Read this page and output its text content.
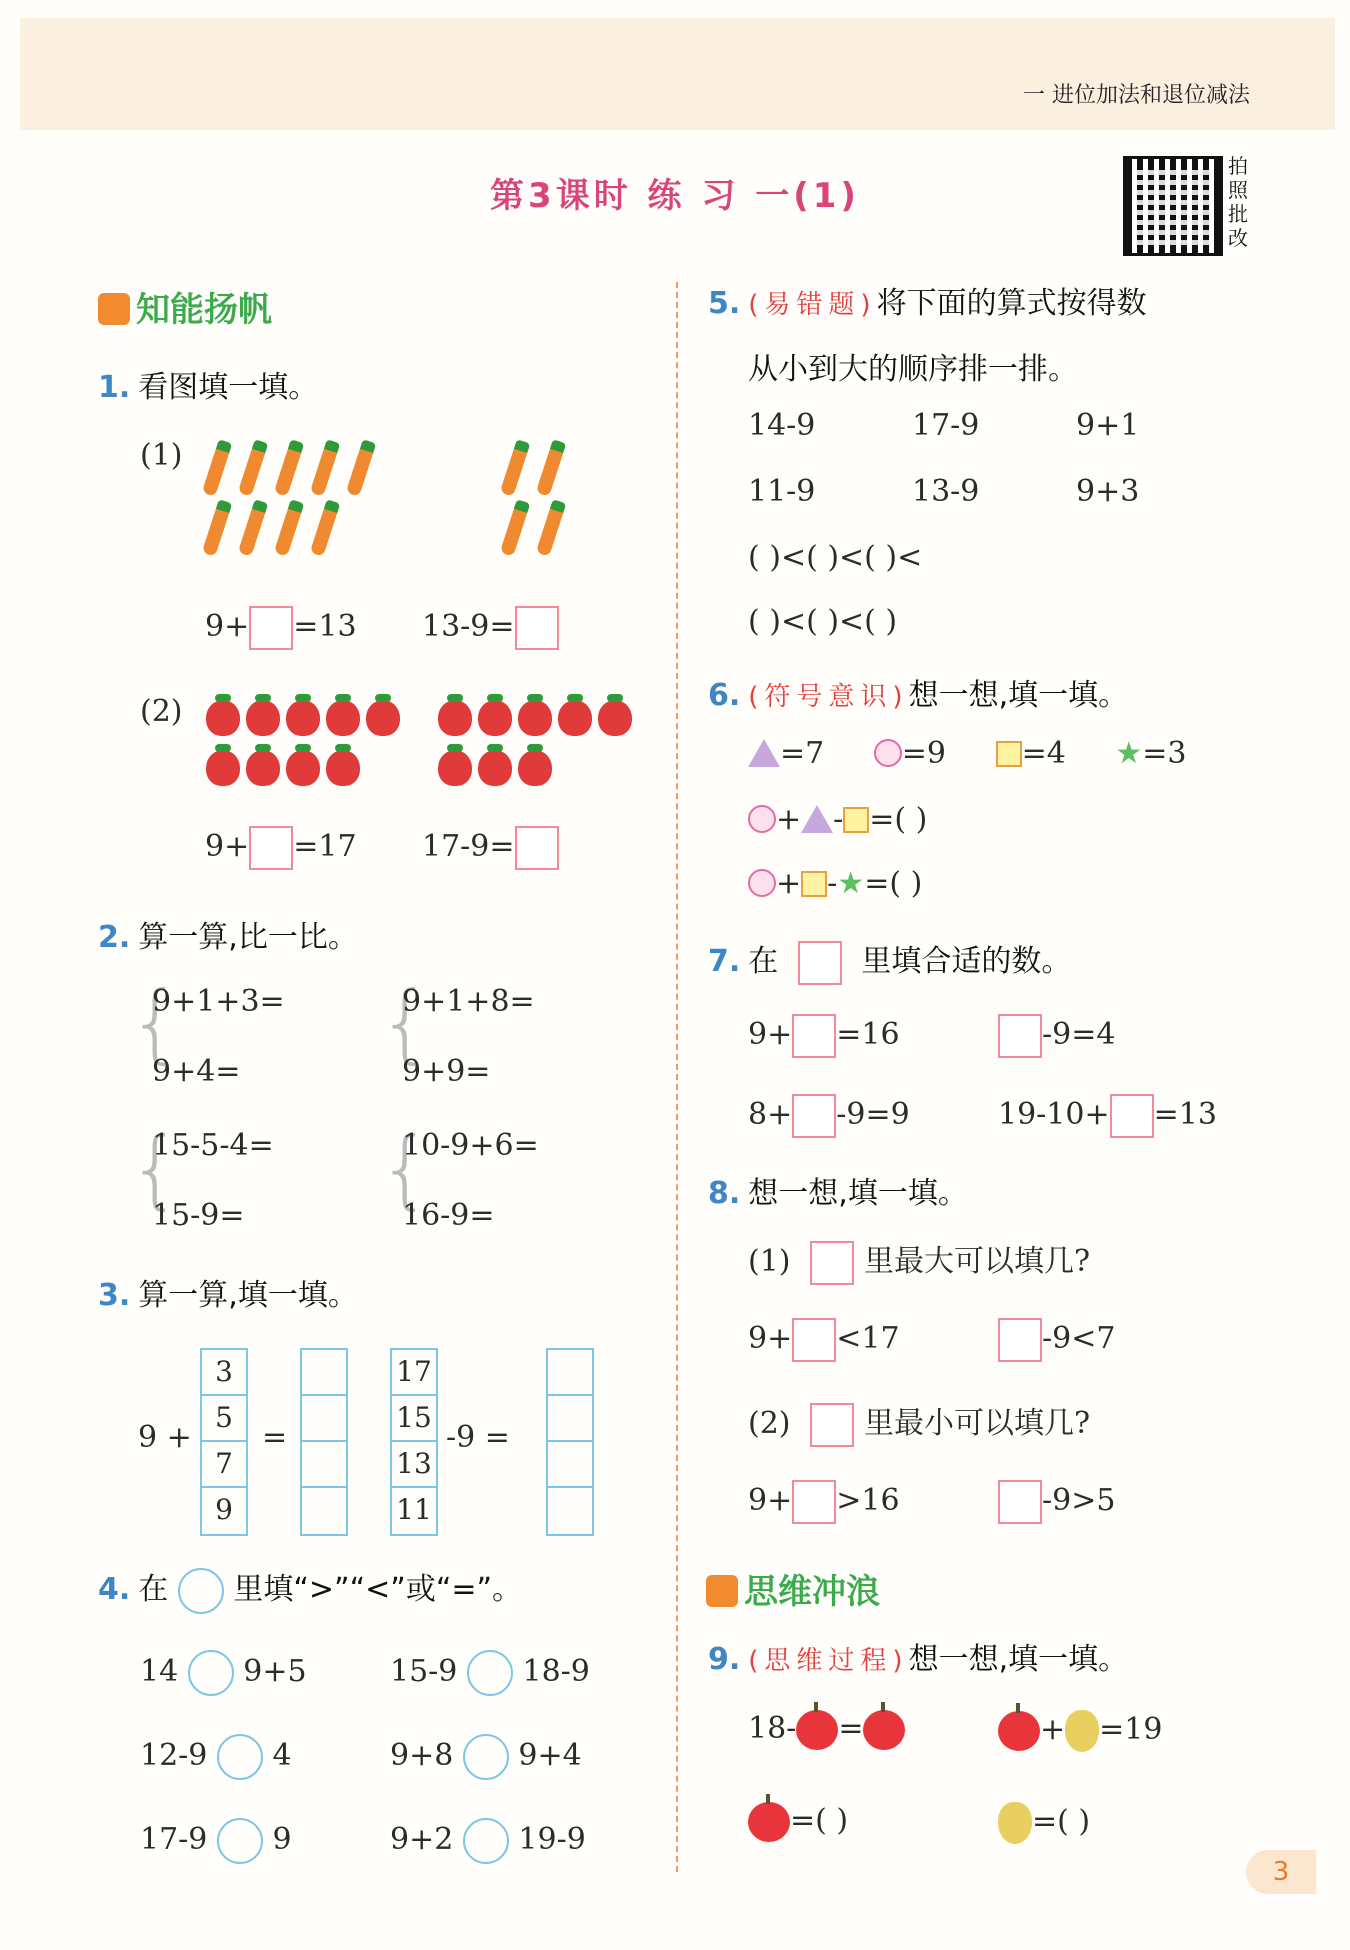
一 进位加法和退位减法
第3课时 练 习 一(1)
拍照批改
知能扬帆
1. 看图填一填。
(1)

9+ =13 13-9=
(2)

9+ =17 17-9=
2. 算一算,比一比。
{ {
{ {
9+1+3=
9+4=
9+1+8=
9+9=
15-5-4=
15-9=
10-9+6=
16-9=
3. 算一算,填一填。
9 +
3
5
7
9
=
17
15
13
11
-9 =
4. 在 里填“>”“<”或“=”。
14 9+5	15-9 18-9
12-9 4	9+8 9+4
17-9 9	9+2 19-9
5. (易错题)将下面的算式按得数
从小到大的顺序排一排。
14-9	17-9	9+1
11-9	13-9	9+3
( )<( )<( )<
( )<( )<( )
6. (符号意识)想一想,填一填。
=7	=9	=4 ★=3
+ - =( )
+ -★=( )
7. 在	里填合适的数。
9+ =16	-9=4
8+ -9=9	19-10+ =13
8. 想一想,填一填。
(1) 里最大可以填几?
9+ <17	-9<7
(2) 里最小可以填几?
9+ >16	-9>5
思维冲浪
9. (思维过程)想一想,填一填。
18- =	+ =19
=( )	=( )
3
